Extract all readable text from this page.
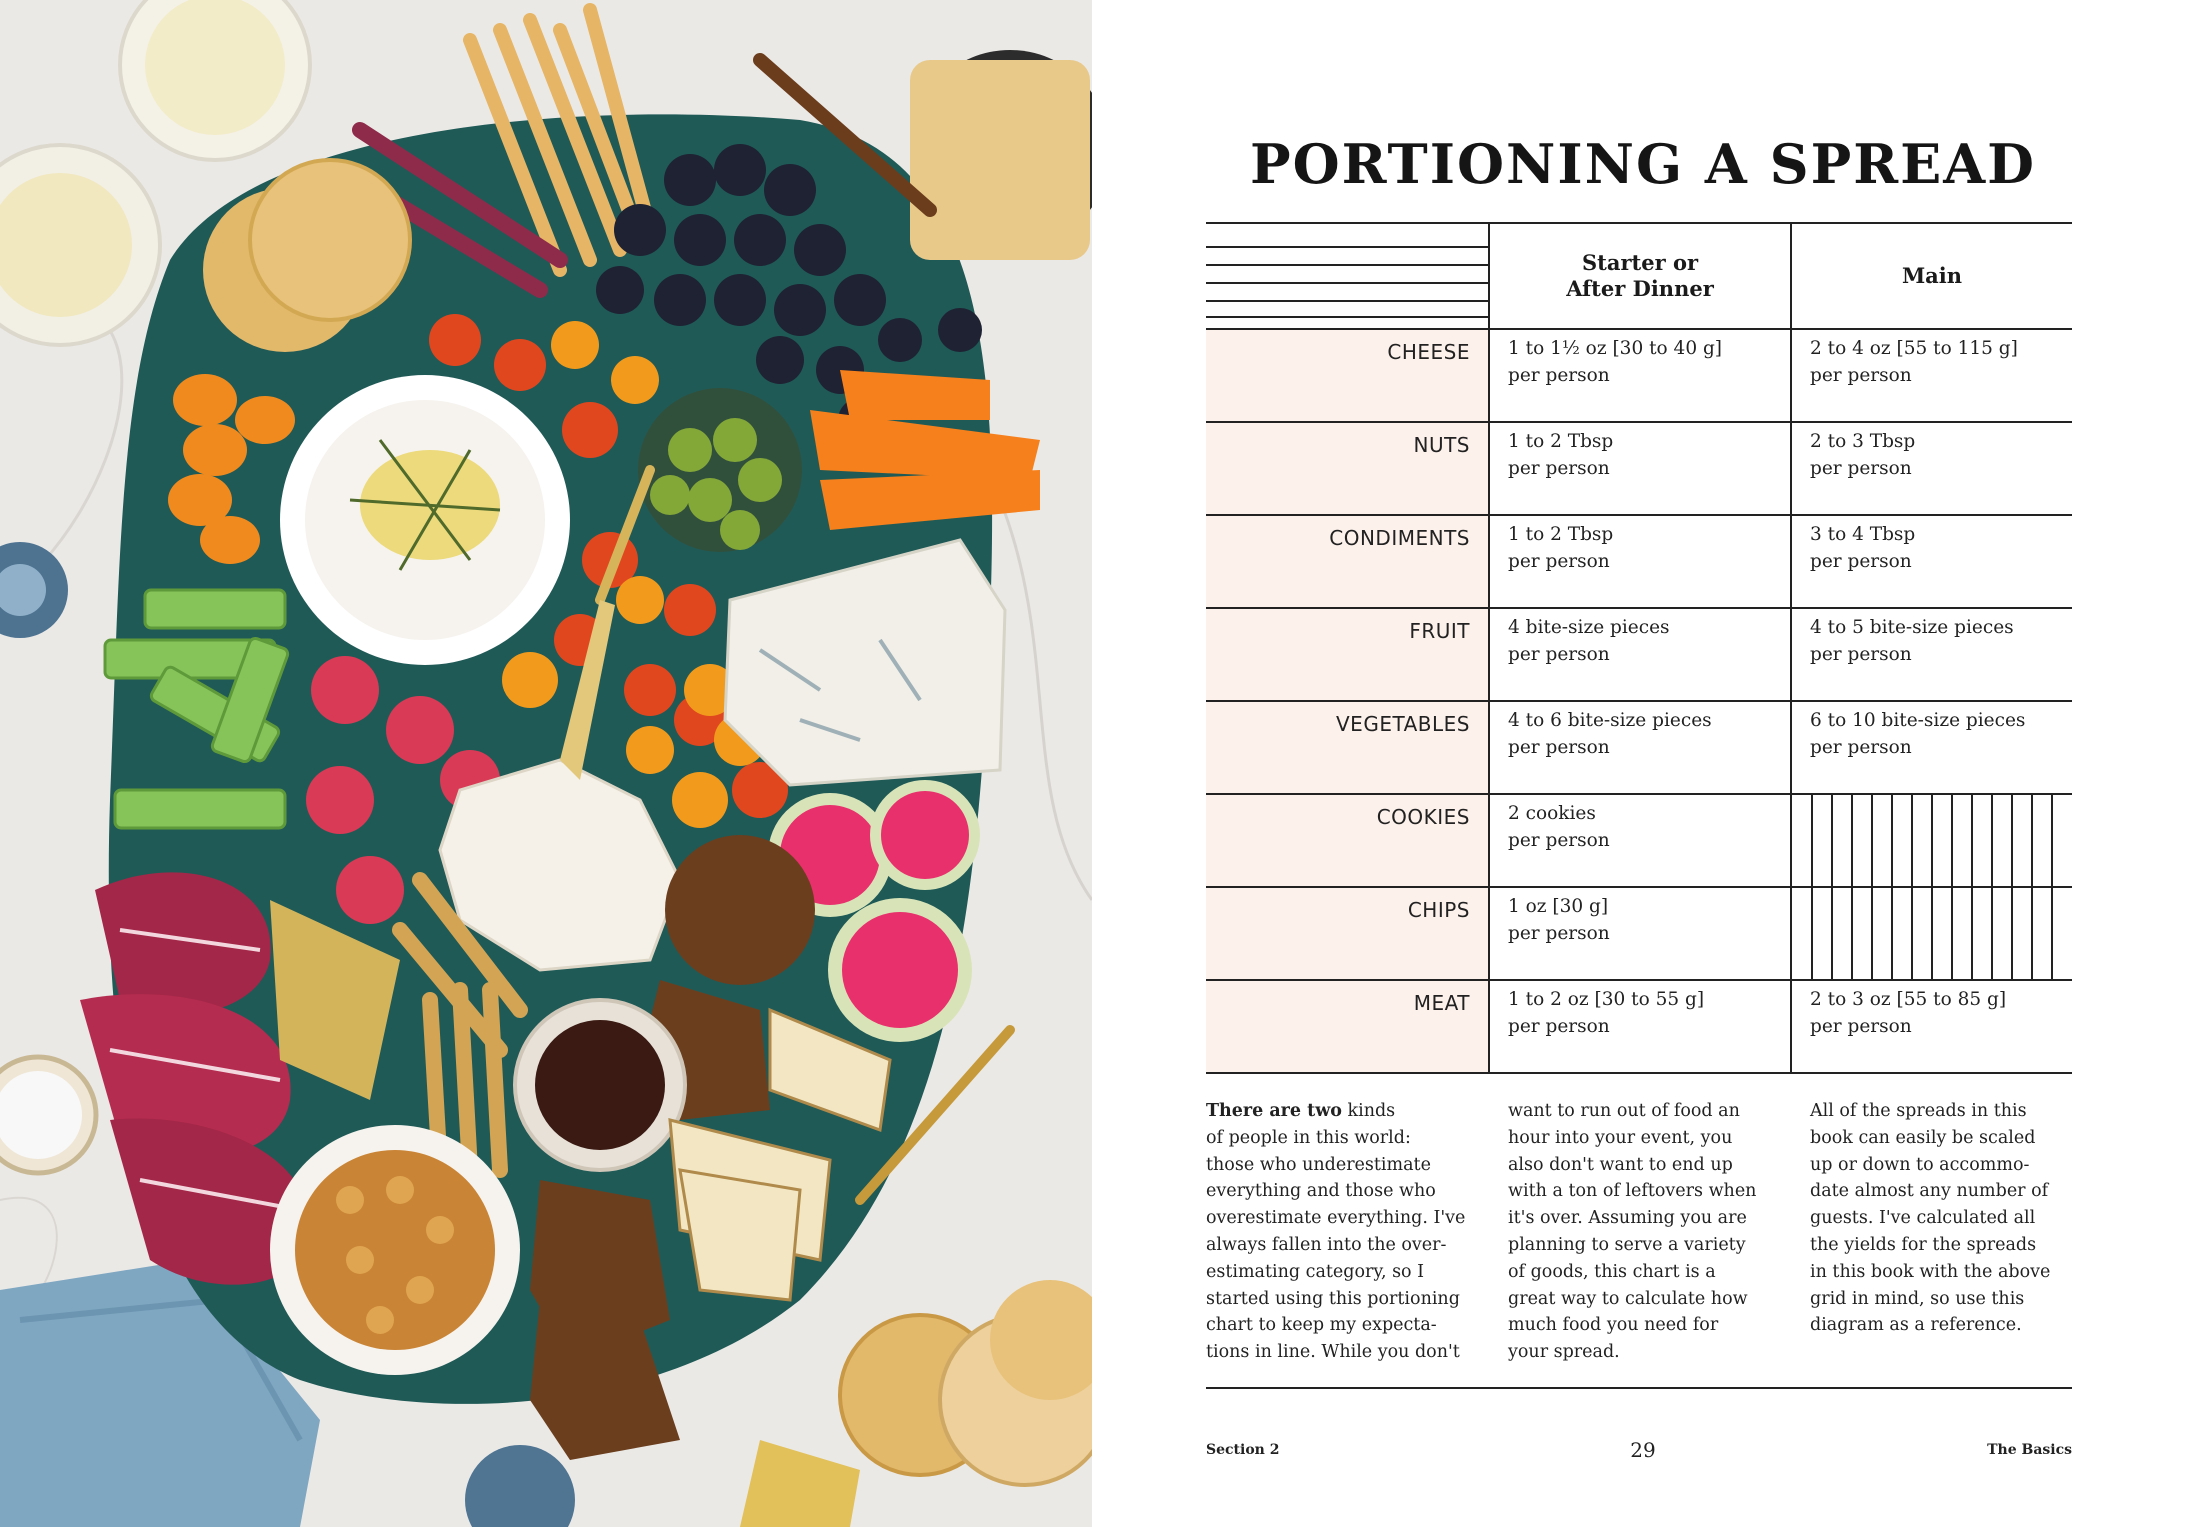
PORTIONING A SPREAD
Starter or
After Dinner
Main
CHEESE
NUTS
CONDIMENTS
FRUIT
VEGETABLES
COOKIES
CHIPS
MEAT
1 to 1½ oz [30 to 40 g]
per person
1 to 2 Tbsp
per person
1 to 2 Tbsp
per person
4 bite-size pieces
per person
4 to 6 bite-size pieces
per person
2 cookies
per person
1 oz [30 g]
per person
1 to 2 oz [30 to 55 g]
per person
2 to 4 oz [55 to 115 g]
per person
2 to 3 Tbsp
per person
3 to 4 Tbsp
per person
4 to 5 bite-size pieces
per person
6 to 10 bite-size pieces
per person
2 to 3 oz [55 to 85 g]
per person
There are two kinds
of people in this world:
those who underestimate
everything and those who
overestimate everything. I've
always fallen into the over-
estimating category, so I
started using this portioning
chart to keep my expecta-
tions in line. While you don't
want to run out of food an
hour into your event, you
also don't want to end up
with a ton of leftovers when
it's over. Assuming you are
planning to serve a variety
of goods, this chart is a
great way to calculate how
much food you need for
your spread.
All of the spreads in this
book can easily be scaled
up or down to accommo-
date almost any number of
guests. I've calculated all
the yields for the spreads
in this book with the above
grid in mind, so use this
diagram as a reference.
Section 2	29	The Basics
